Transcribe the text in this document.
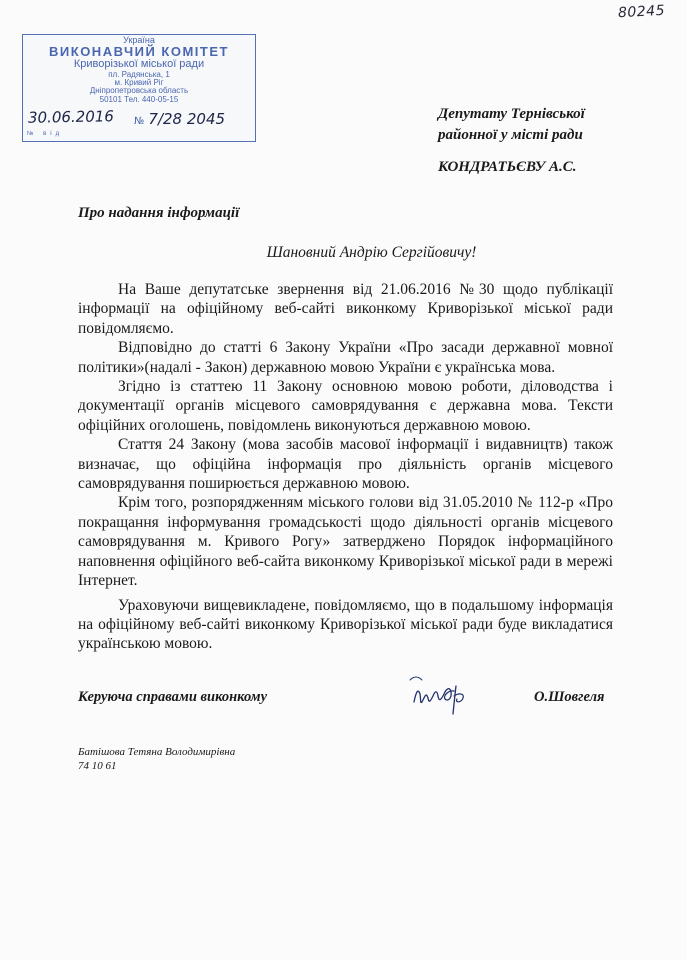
80245
Україна
ВИКОНАВЧИЙ КОМІТЕТ
Криворізької міської ради
пл. Радянська, 1
м. Кривий Ріг
Дніпропетровська область
50101 Тел. 440-05-15
№ від
30.06.2016 № 7/28 2045	Депутату Тернівської
районної у місті ради
КОНДРАТЬЄВУ А.С.
Про надання інформації
Шановний Андрію Сергійовичу!

На Ваше депутатське звернення від 21.06.2016 №30 щодо публікації інформації на офіційному веб-сайті виконкому Криворізької міської ради повідомляємо.

Відповідно до статті 6 Закону України «Про засади державної мовної політики»(надалі - Закон) державною мовою України є українська мова.

Згідно із статтею 11 Закону основною мовою роботи, діловодства і документації органів місцевого самоврядування є державна мова. Тексти офіційних оголошень, повідомлень виконуються державною мовою.

Стаття 24 Закону (мова засобів масової інформації і видавництв) також визначає, що офіційна інформація про діяльність органів місцевого самоврядування поширюється державною мовою.

Крім того, розпорядженням міського голови від 31.05.2010 № 112-р «Про покращання інформування громадськості щодо діяльності органів місцевого самоврядування м. Кривого Рогу» затверджено Порядок інформаційного наповнення офіційного веб-сайта виконкому Криворізької міської ради в мережі Інтернет.

Ураховуючи вищевикладене, повідомляємо, що в подальшому інформація на офіційному веб-сайті виконкому Криворізької міської ради буде викладатися українською мовою.

Керуюча справами виконкому	О.Шовгеля
Батішова Тетяна Володимирівна
74 10 61
